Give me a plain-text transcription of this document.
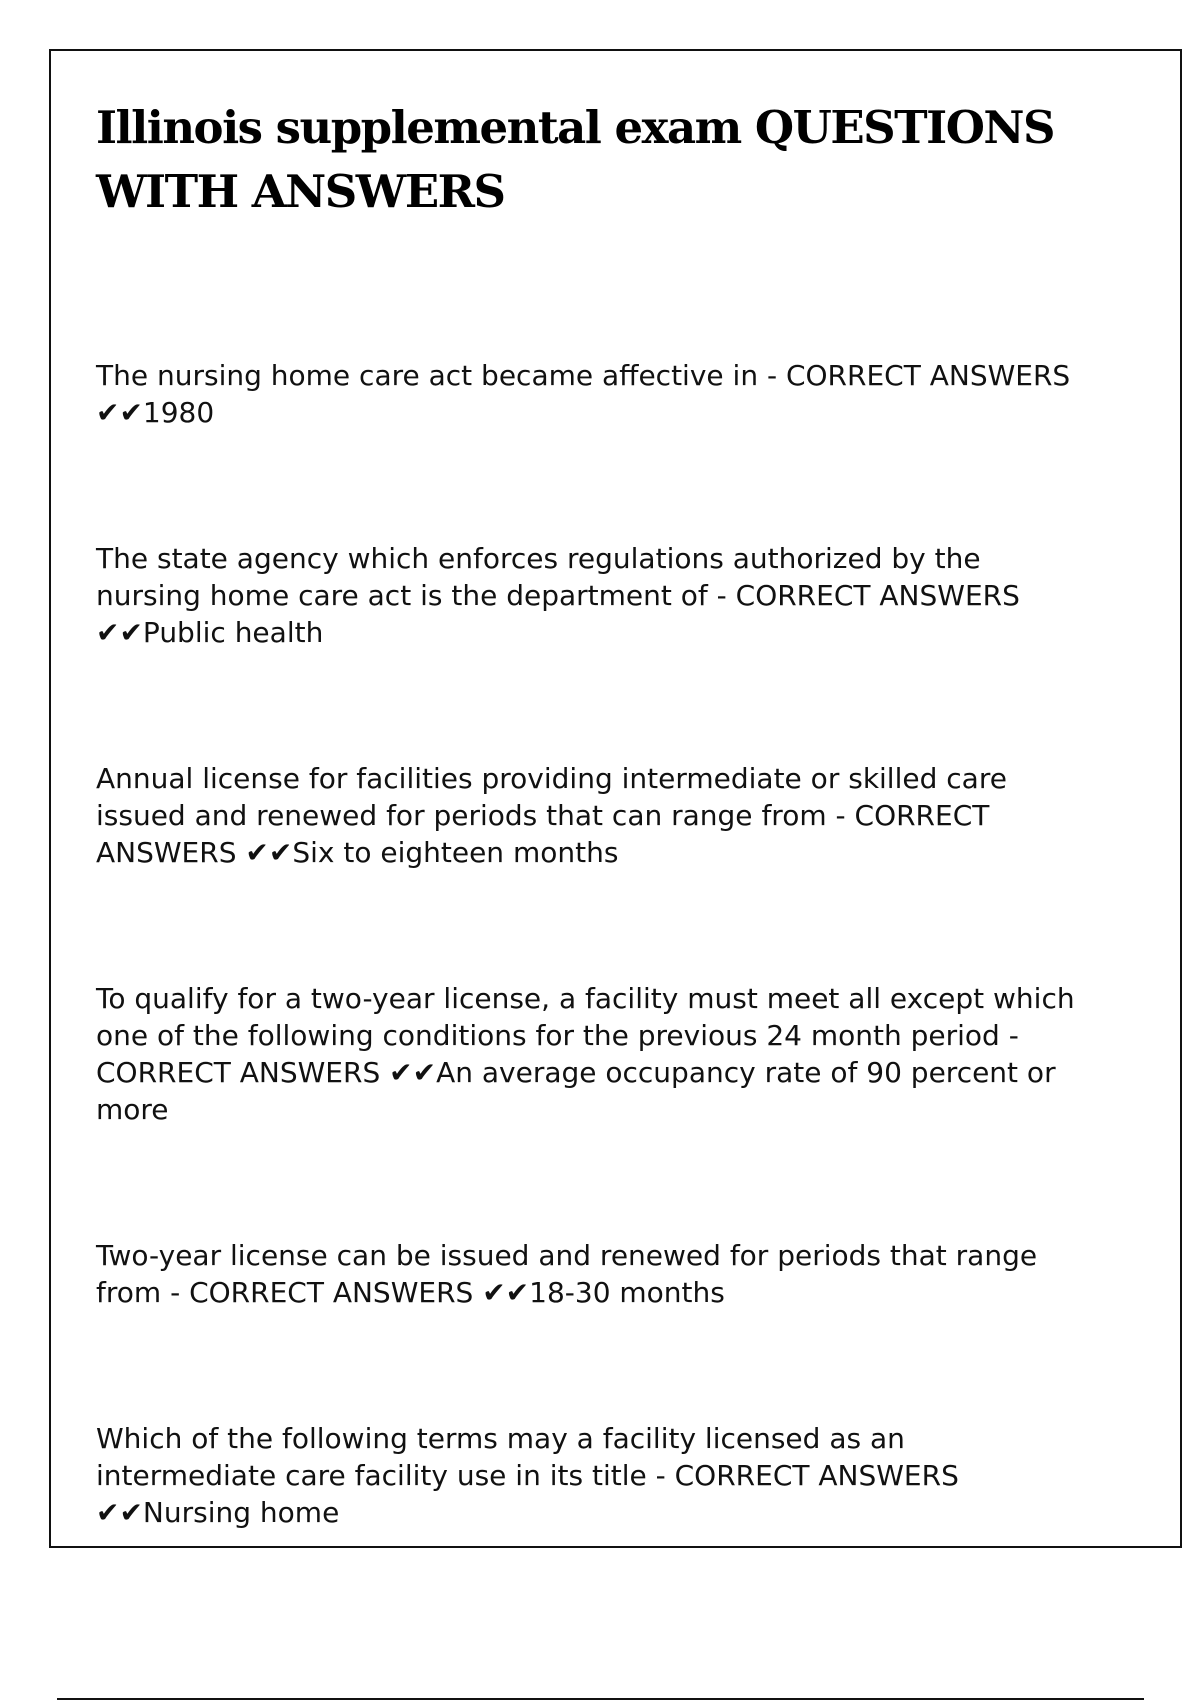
Illinois supplemental exam QUESTIONS WITH ANSWERS

The nursing home care act became affective in - CORRECT ANSWERS ✔✔1980

The state agency which enforces regulations authorized by the nursing home care act is the department of - CORRECT ANSWERS ✔✔Public health

Annual license for facilities providing intermediate or skilled care issued and renewed for periods that can range from - CORRECT ANSWERS ✔✔Six to eighteen months

To qualify for a two-year license, a facility must meet all except which one of the following conditions for the previous 24 month period - CORRECT ANSWERS ✔✔An average occupancy rate of 90 percent or more

Two-year license can be issued and renewed for periods that range from - CORRECT ANSWERS ✔✔18-30 months

Which of the following terms may a facility licensed as an intermediate care facility use in its title - CORRECT ANSWERS ✔✔Nursing home
